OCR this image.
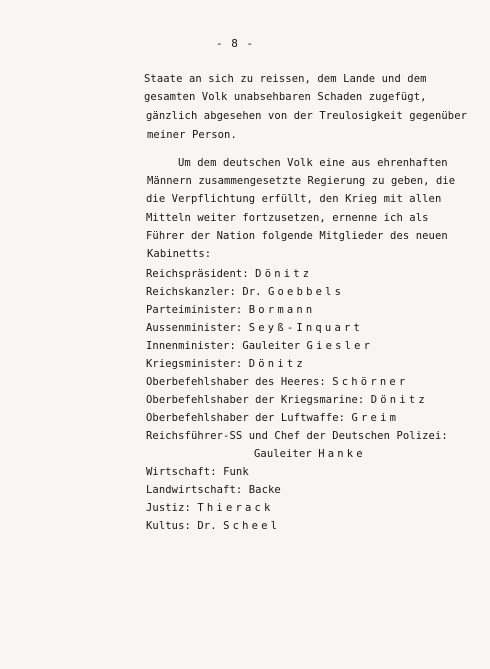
- 8 -
Staate an sich zu reissen, dem Lande und dem
gesamten Volk unabsehbaren Schaden zugefügt,
gänzlich abgesehen von der Treulosigkeit gegenüber
meiner Person.
Um dem deutschen Volk eine aus ehrenhaften
Männern zusammengesetzte Regierung zu geben, die
die Verpflichtung erfüllt, den Krieg mit allen
Mitteln weiter fortzusetzen, ernenne ich als
Führer der Nation folgende Mitglieder des neuen
Kabinetts:
Reichspräsident: Dönitz
Reichskanzler: Dr. Goebbels
Parteiminister: Bormann
Aussenminister: Seyß-Inquart
Innenminister: Gauleiter Giesler
Kriegsminister: Dönitz
Oberbefehlshaber des Heeres: Schörner
Oberbefehlshaber der Kriegsmarine: Dönitz
Oberbefehlshaber der Luftwaffe: Greim
Reichsführer-SS und Chef der Deutschen Polizei:
Gauleiter Hanke
Wirtschaft: Funk
Landwirtschaft: Backe
Justiz: Thierack
Kultus: Dr. Scheel
